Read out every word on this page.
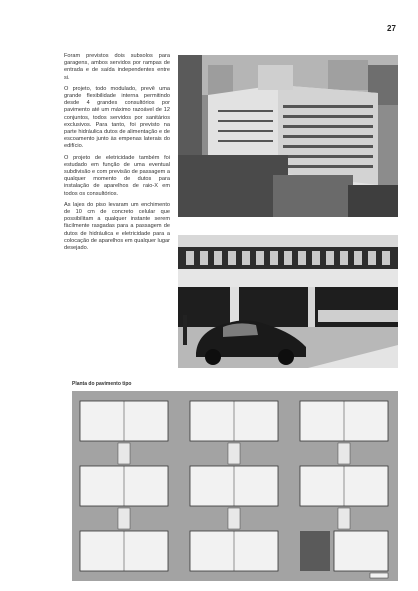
27

Foram previstos dois subsolos para garagens, ambos servidos por rampas de entrada e de saída independentes entre si.

O projeto, todo modulado, prevê uma grande flexibilidade interna permitindo desde 4 grandes consultórios por pavimento até um máximo razoável de 12 conjuntos, todos servidos por sanitários exclusivos. Para tanto, foi previsto na parte hidráulica dutos de alimentação e de escoamento junto às empenas laterais do edifício.

O projeto de eletricidade também foi estudado em função de uma eventual subdivisão e com previsão de passagem a qualquer momento de dutos para instalação de aparelhos de raio-X em todos os consultórios.

As lajes do piso levaram um enchimento de 10 cm de concreto celular que possibilitam a qualquer instante serem fàcilmente rasgadas para a passagem de dutos de hidráulica e eletricidade para a colocação de aparelhos em qualquer lugar desejado.

Planta do pavimento tipo
